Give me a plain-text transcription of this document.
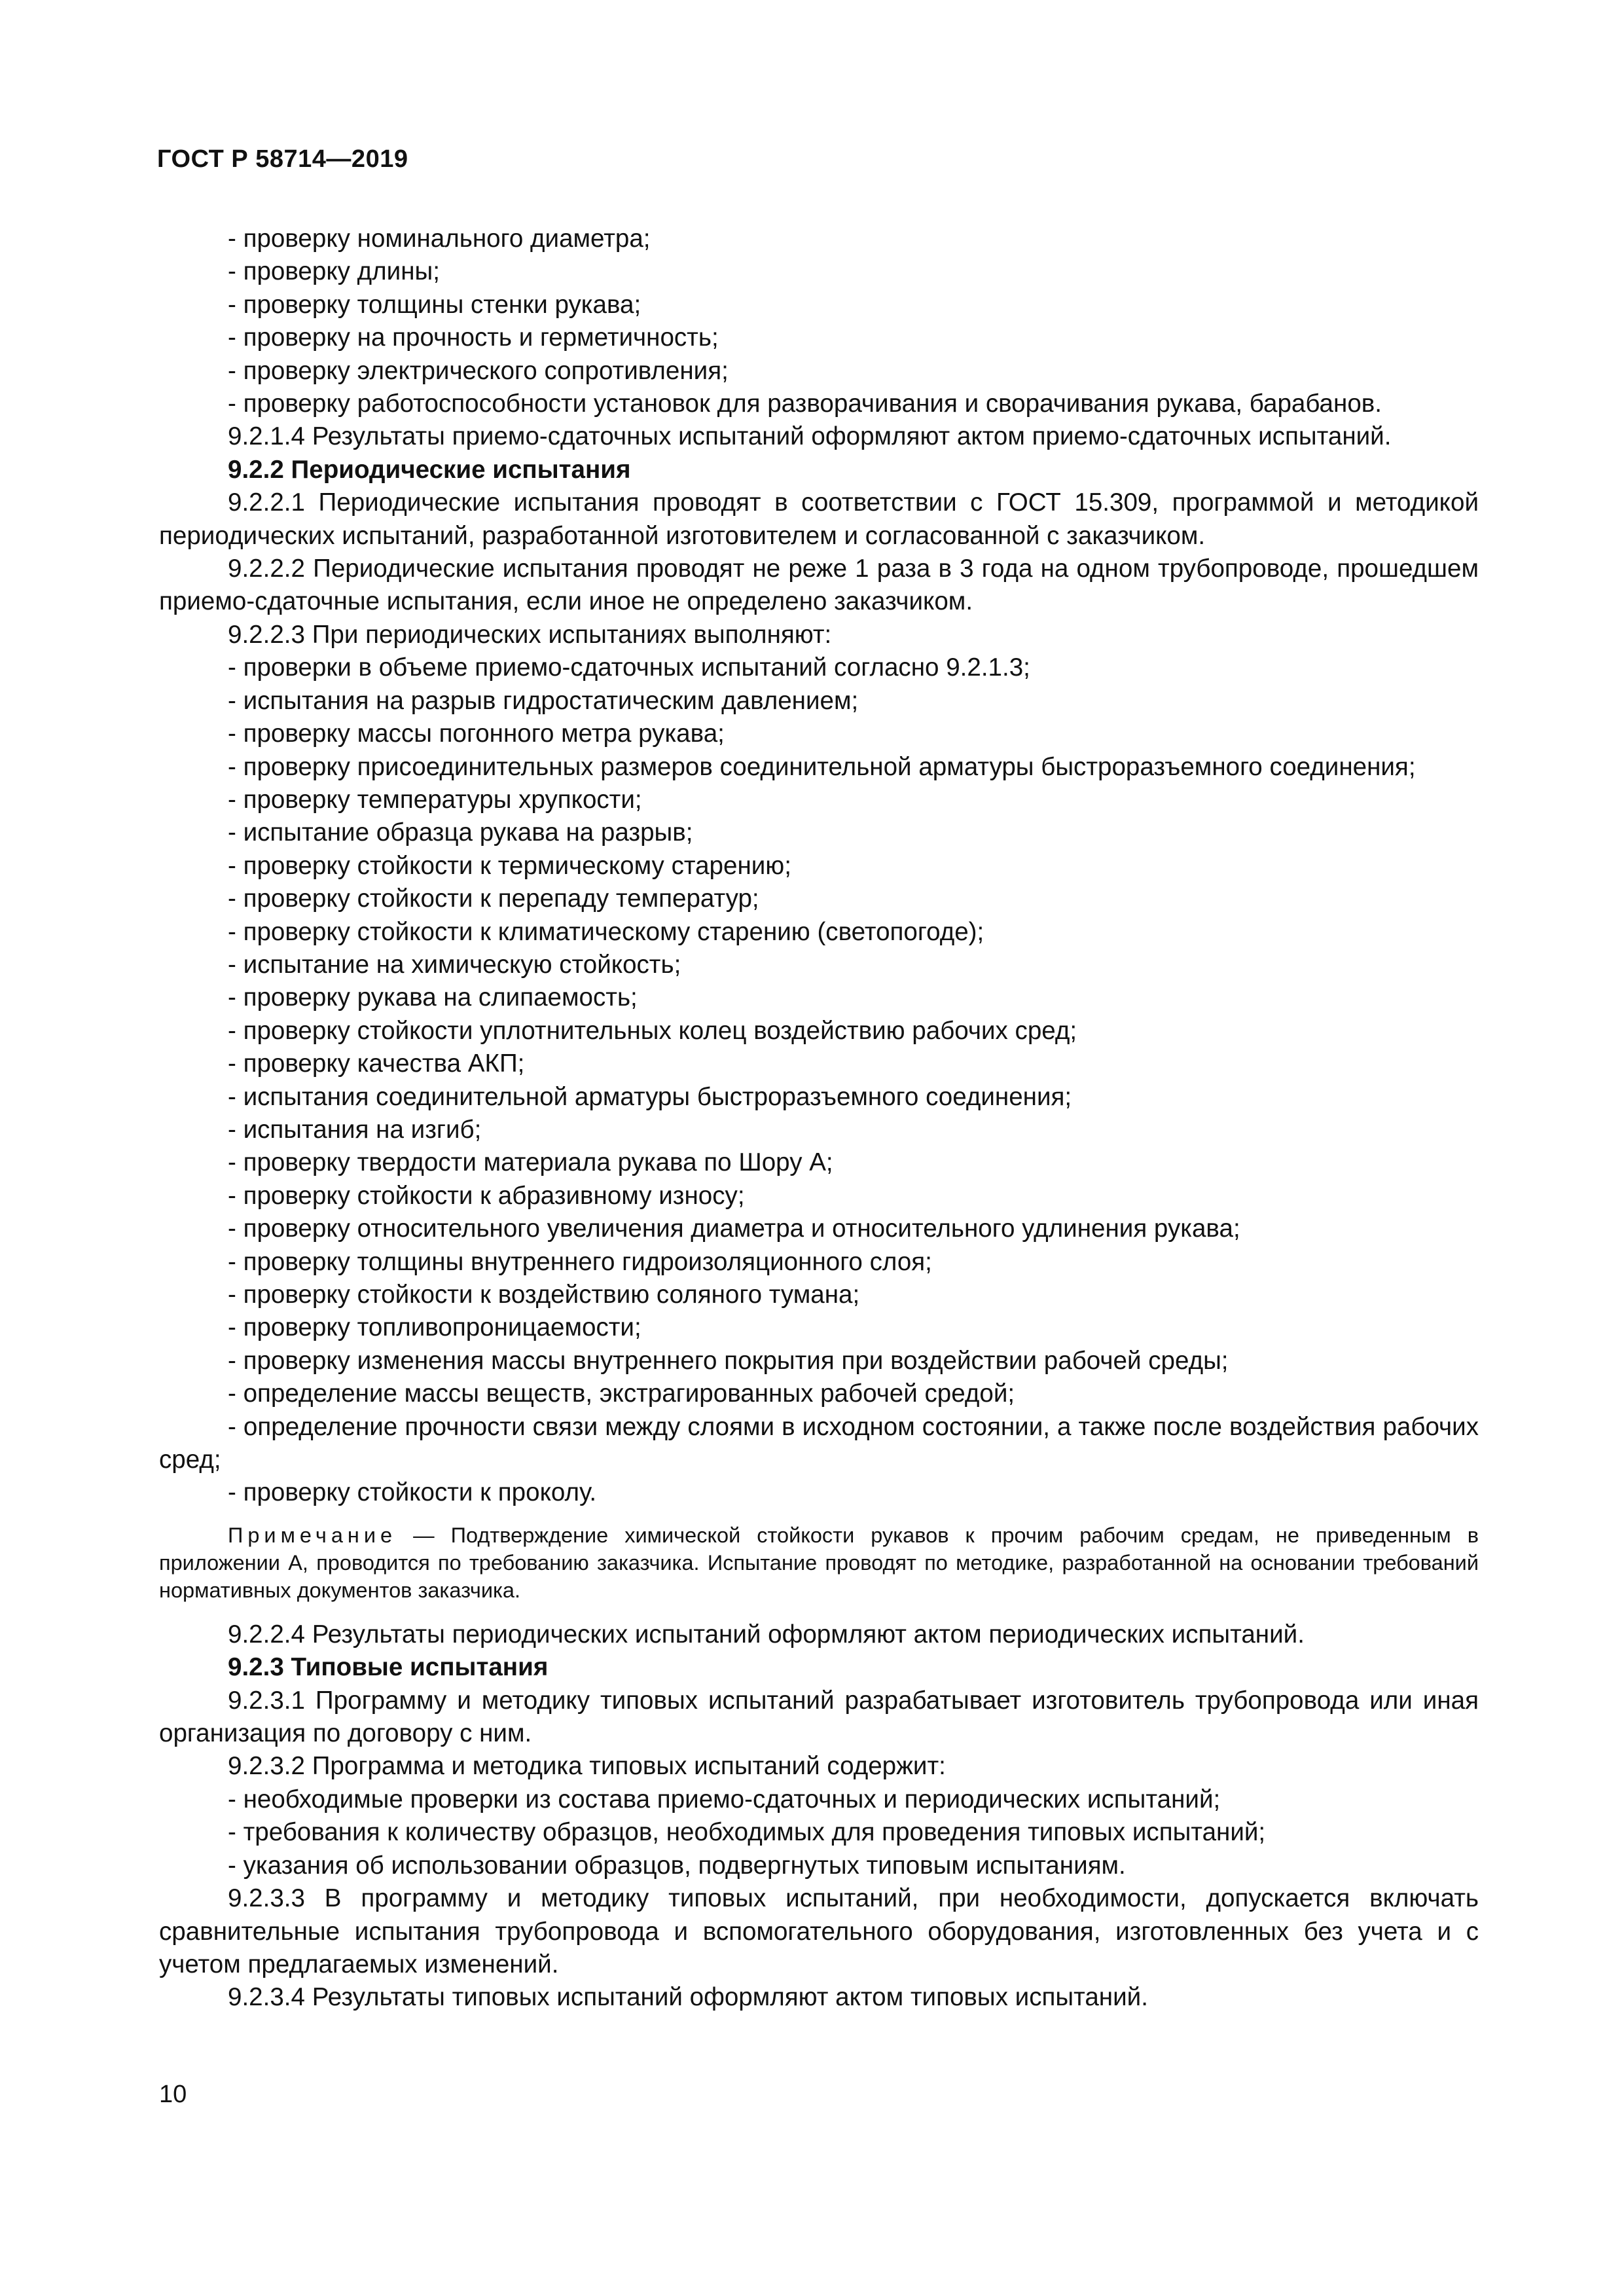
ГОСТ Р 58714—2019

- проверку номинального диаметра;

- проверку длины;

- проверку толщины стенки рукава;

- проверку на прочность и герметичность;

- проверку электрического сопротивления;

- проверку работоспособности установок для разворачивания и сворачивания рукава, барабанов.

9.2.1.4 Результаты приемо-сдаточных испытаний оформляют актом приемо-сдаточных испытаний.

9.2.2 Периодические испытания

9.2.2.1 Периодические испытания проводят в соответствии с ГОСТ 15.309, программой и методикой периодических испытаний, разработанной изготовителем и согласованной с заказчиком.

9.2.2.2 Периодические испытания проводят не реже 1 раза в 3 года на одном трубопроводе, прошедшем приемо-сдаточные испытания, если иное не определено заказчиком.

9.2.2.3 При периодических испытаниях выполняют:

- проверки в объеме приемо-сдаточных испытаний согласно 9.2.1.3;

- испытания на разрыв гидростатическим давлением;

- проверку массы погонного метра рукава;

- проверку присоединительных размеров соединительной арматуры быстроразъемного соединения;

- проверку температуры хрупкости;

- испытание образца рукава на разрыв;

- проверку стойкости к термическому старению;

- проверку стойкости к перепаду температур;

- проверку стойкости к климатическому старению (светопогоде);

- испытание на химическую стойкость;

- проверку рукава на слипаемость;

- проверку стойкости уплотнительных колец воздействию рабочих сред;

- проверку качества АКП;

- испытания соединительной арматуры быстроразъемного соединения;

- испытания на изгиб;

- проверку твердости материала рукава по Шору А;

- проверку стойкости к абразивному износу;

- проверку относительного увеличения диаметра и относительного удлинения рукава;

- проверку толщины внутреннего гидроизоляционного слоя;

- проверку стойкости к воздействию соляного тумана;

- проверку топливопроницаемости;

- проверку изменения массы внутреннего покрытия при воздействии рабочей среды;

- определение массы веществ, экстрагированных рабочей средой;

- определение прочности связи между слоями в исходном состоянии, а также после воздействия рабочих сред;

- проверку стойкости к проколу.

Примечание — Подтверждение химической стойкости рукавов к прочим рабочим средам, не приведенным в приложении А, проводится по требованию заказчика. Испытание проводят по методике, разработанной на основании требований нормативных документов заказчика.

9.2.2.4 Результаты периодических испытаний оформляют актом периодических испытаний.

9.2.3 Типовые испытания

9.2.3.1 Программу и методику типовых испытаний разрабатывает изготовитель трубопровода или иная организация по договору с ним.

9.2.3.2 Программа и методика типовых испытаний содержит:

- необходимые проверки из состава приемо-сдаточных и периодических испытаний;

- требования к количеству образцов, необходимых для проведения типовых испытаний;

- указания об использовании образцов, подвергнутых типовым испытаниям.

9.2.3.3 В программу и методику типовых испытаний, при необходимости, допускается включать сравнительные испытания трубопровода и вспомогательного оборудования, изготовленных без учета и с учетом предлагаемых изменений.

9.2.3.4 Результаты типовых испытаний оформляют актом типовых испытаний.

10
